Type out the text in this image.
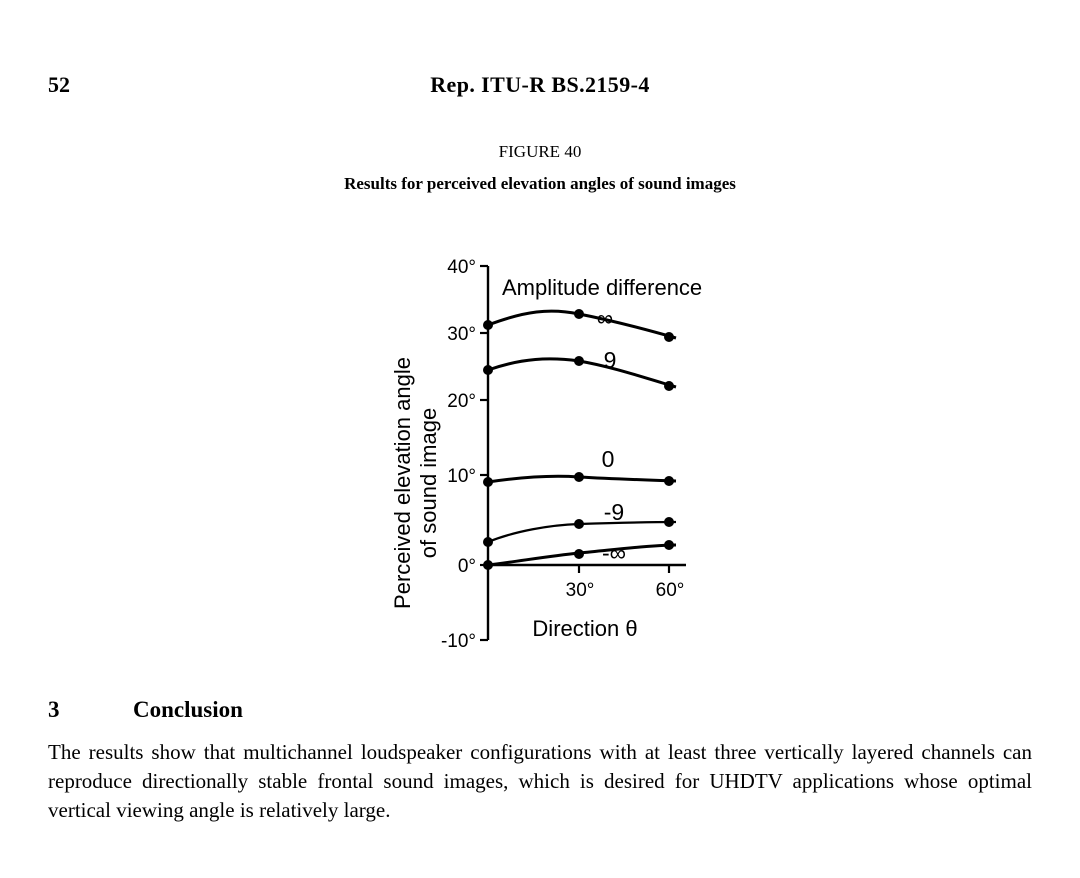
52	Rep. ITU-R BS.2159-4
FIGURE 40
Results for perceived elevation angles of sound images
40°
30°
20°
10°
0°
-10°
30°	60°
Direction θ
Perceived elevation angle of sound image
Amplitude difference
∞
9
0
-9
-∞
3	Conclusion
The results show that multichannel loudspeaker configurations with at least three vertically layered channels can reproduce directionally stable frontal sound images, which is desired for UHDTV applications whose optimal vertical viewing angle is relatively large.
